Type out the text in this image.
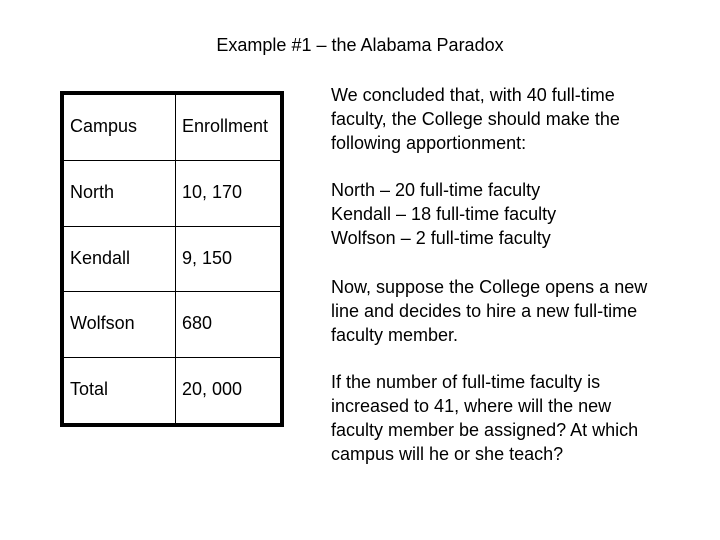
Example #1 – the Alabama Paradox
Campus	Enrollment
North	10, 170
Kendall	9, 150
Wolfson	680
Total	20, 000

We concluded that, with 40 full-time
faculty, the College should make the
following apportionment:

North – 20 full-time faculty
Kendall – 18 full-time faculty
Wolfson – 2 full-time faculty

Now, suppose the College opens a new
line and decides to hire a new full-time
faculty member.

If the number of full-time faculty is
increased to 41, where will the new
faculty member be assigned? At which
campus will he or she teach?
